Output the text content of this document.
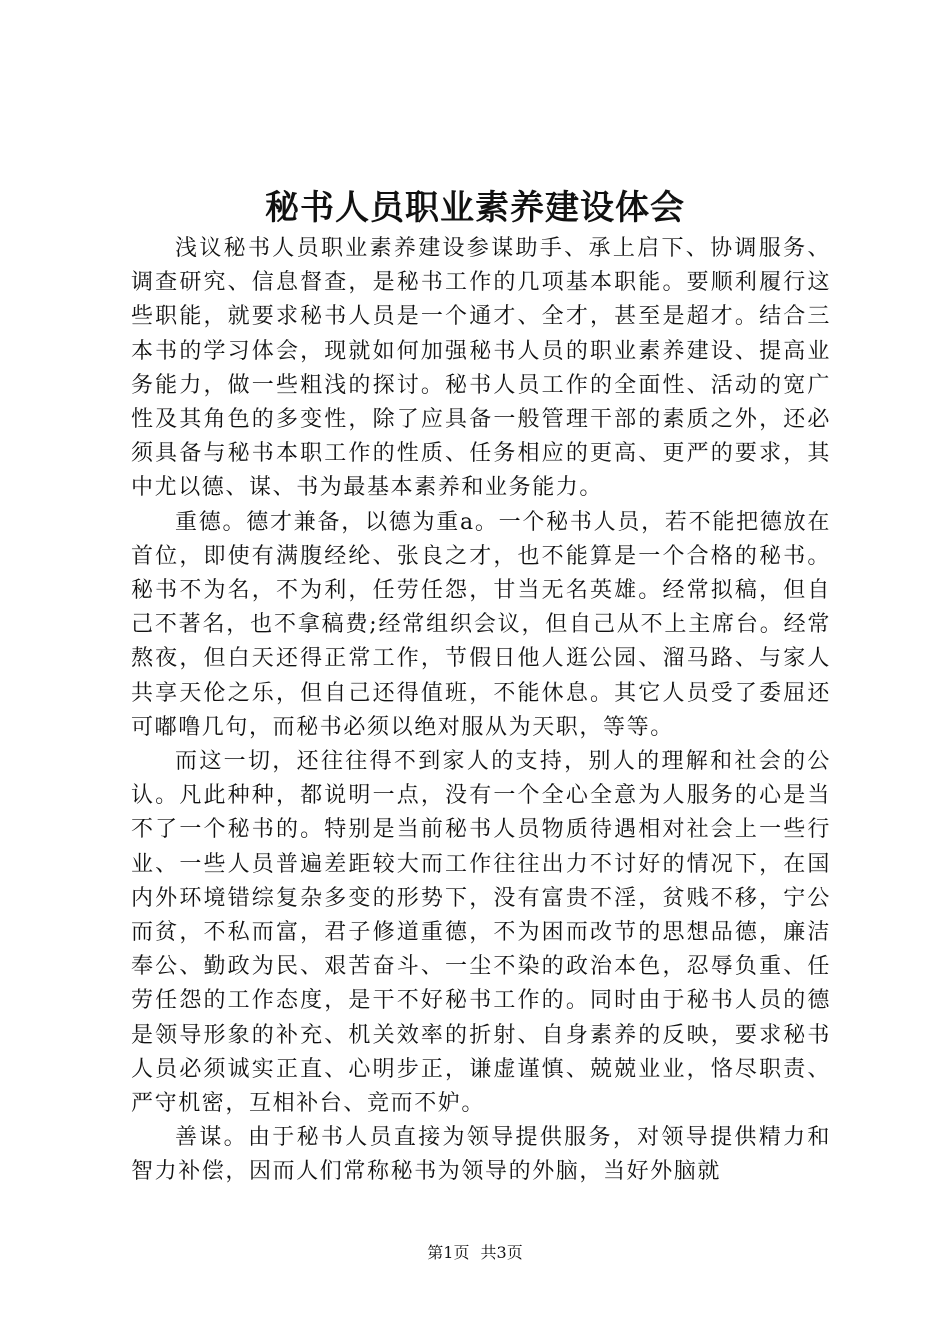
秘书人员职业素养建设体会

浅议秘书人员职业素养建设参谋助手、承上启下、协调服务、调查研究、信息督查，是秘书工作的几项基本职能。要顺利履行这些职能，就要求秘书人员是一个通才、全才，甚至是超才。结合三本书的学习体会，现就如何加强秘书人员的职业素养建设、提高业务能力，做一些粗浅的探讨。秘书人员工作的全面性、活动的宽广性及其角色的多变性，除了应具备一般管理干部的素质之外，还必须具备与秘书本职工作的性质、任务相应的更高、更严的要求，其中尤以德、谋、书为最基本素养和业务能力。

重德。德才兼备，以德为重a。一个秘书人员，若不能把德放在首位，即使有满腹经纶、张良之才，也不能算是一个合格的秘书。秘书不为名，不为利，任劳任怨，甘当无名英雄。经常拟稿，但自己不著名，也不拿稿费;经常组织会议，但自己从不上主席台。经常熬夜，但白天还得正常工作，节假日他人逛公园、溜马路、与家人共享天伦之乐，但自己还得值班，不能休息。其它人员受了委屈还可嘟噜几句，而秘书必须以绝对服从为天职，等等。

而这一切，还往往得不到家人的支持，别人的理解和社会的公认。凡此种种，都说明一点，没有一个全心全意为人服务的心是当不了一个秘书的。特别是当前秘书人员物质待遇相对社会上一些行业、一些人员普遍差距较大而工作往往出力不讨好的情况下，在国内外环境错综复杂多变的形势下，没有富贵不淫，贫贱不移，宁公而贫，不私而富，君子修道重德，不为困而改节的思想品德，廉洁奉公、勤政为民、艰苦奋斗、一尘不染的政治本色，忍辱负重、任劳任怨的工作态度，是干不好秘书工作的。同时由于秘书人员的德是领导形象的补充、机关效率的折射、自身素养的反映，要求秘书人员必须诚实正直、心明步正，谦虚谨慎、兢兢业业，恪尽职责、严守机密，互相补台、竞而不妒。

善谋。由于秘书人员直接为领导提供服务，对领导提供精力和智力补偿，因而人们常称秘书为领导的外脑，当好外脑就

第1页 共3页
